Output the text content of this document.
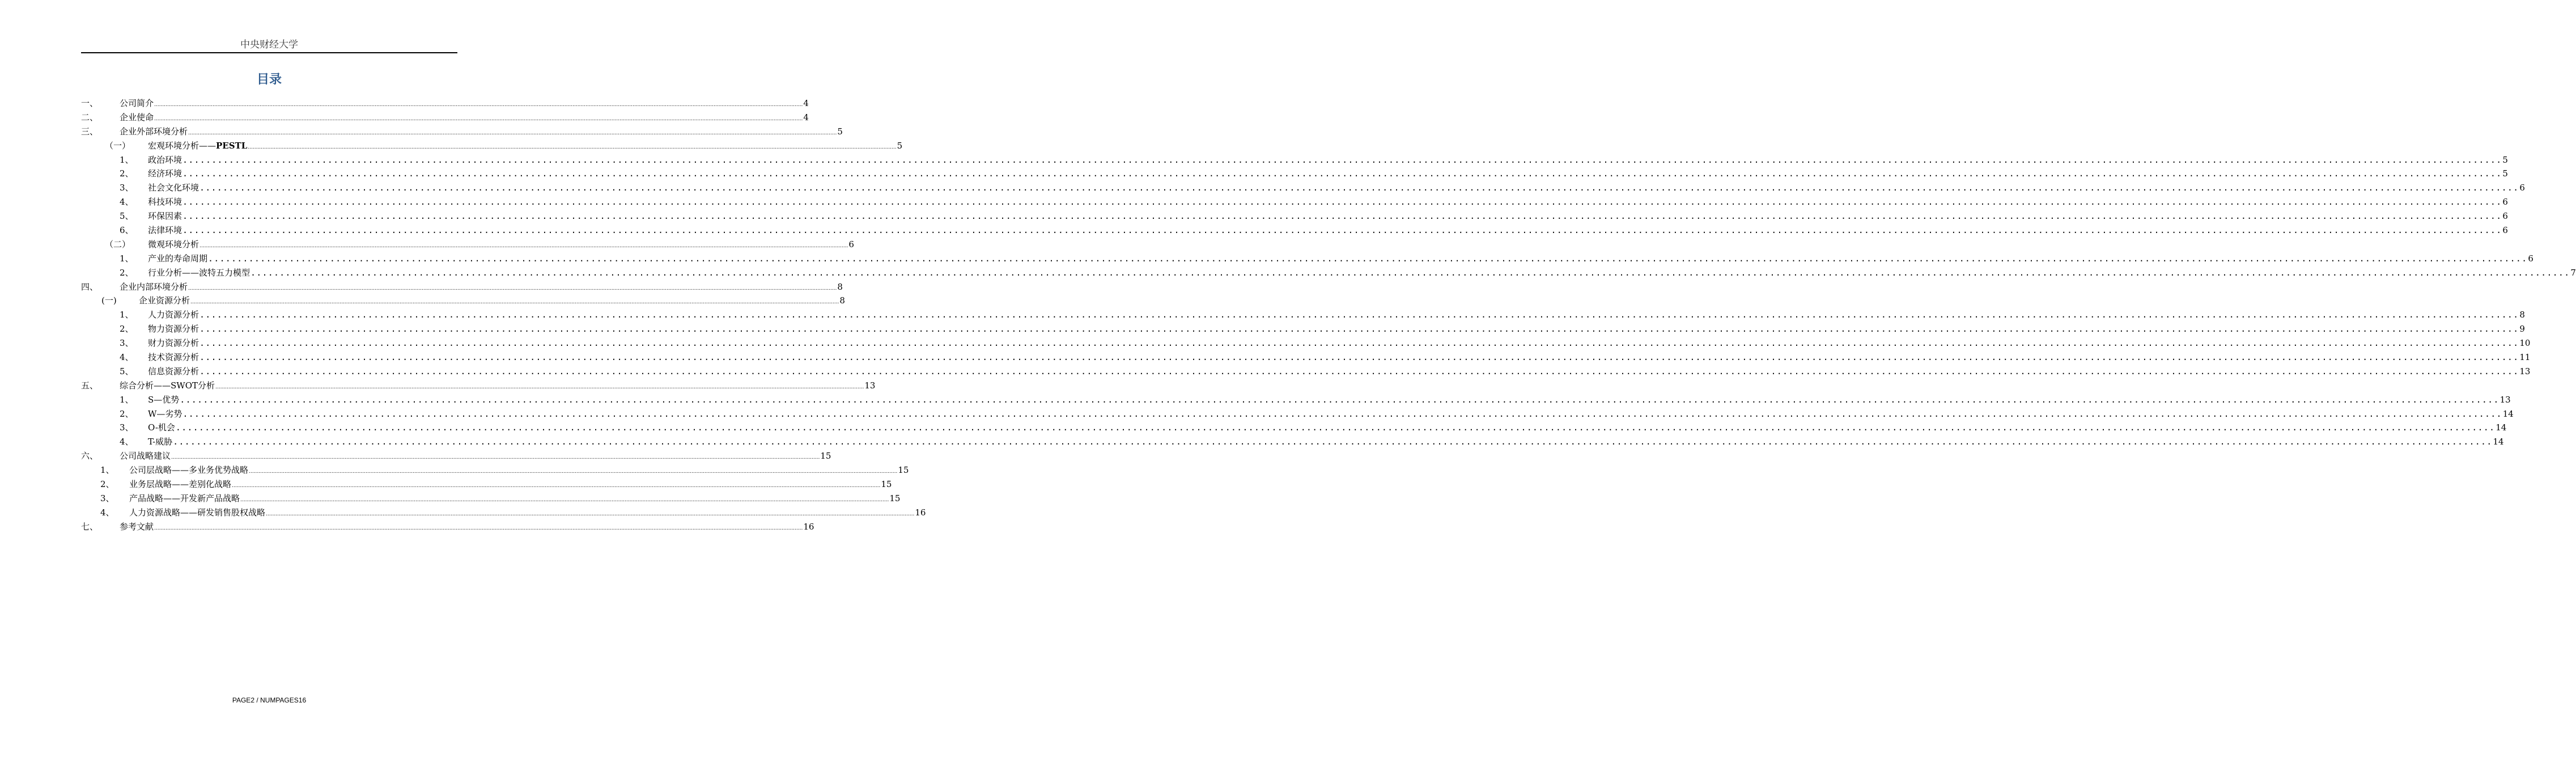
中央财经大学
目录
一、	公司简介 ................................................................................................................................................................................................................................................................................................................................................................................................................ 4
二、	企业使命 ................................................................................................................................................................................................................................................................................................................................................................................................................ 4
三、	企业外部环境分析 ................................................................................................................................................................................................................................................................................................................................................................................................................ 5
（一） 宏观环境分析——PESTL ................................................................................................................................................................................................................................................................................................................................................................................................................ 5
1、 政治环境 ................................................................................................................................................................................................................................................................................................................................................................................................................ 5
2、 经济环境 ................................................................................................................................................................................................................................................................................................................................................................................................................ 5
3、 社会文化环境 ................................................................................................................................................................................................................................................................................................................................................................................................................ 6
4、 科技环境 ................................................................................................................................................................................................................................................................................................................................................................................................................ 6
5、 环保因素 ................................................................................................................................................................................................................................................................................................................................................................................................................ 6
6、 法律环境 ................................................................................................................................................................................................................................................................................................................................................................................................................ 6
（二） 微观环境分析 ................................................................................................................................................................................................................................................................................................................................................................................................................ 6
1、 产业的寿命周期 ................................................................................................................................................................................................................................................................................................................................................................................................................ 6
2、 行业分析——波特五力模型 ................................................................................................................................................................................................................................................................................................................................................................................................................ 7
四、	企业内部环境分析 ................................................................................................................................................................................................................................................................................................................................................................................................................ 8
(一)	企业资源分析 ................................................................................................................................................................................................................................................................................................................................................................................................................ 8
1、 人力资源分析 ................................................................................................................................................................................................................................................................................................................................................................................................................ 8
2、 物力资源分析 ................................................................................................................................................................................................................................................................................................................................................................................................................ 9
3、 财力资源分析 ................................................................................................................................................................................................................................................................................................................................................................................................................ 10
4、 技术资源分析 ................................................................................................................................................................................................................................................................................................................................................................................................................ 11
5、 信息资源分析 ................................................................................................................................................................................................................................................................................................................................................................................................................ 13
五、	综合分析——SWOT分析 ................................................................................................................................................................................................................................................................................................................................................................................................................ 13
1、 S—优势 ................................................................................................................................................................................................................................................................................................................................................................................................................ 13
2、 W—劣势 ................................................................................................................................................................................................................................................................................................................................................................................................................ 14
3、 O-机会 ................................................................................................................................................................................................................................................................................................................................................................................................................ 14
4、 T-威胁 ................................................................................................................................................................................................................................................................................................................................................................................................................ 14
六、	公司战略建议 ................................................................................................................................................................................................................................................................................................................................................................................................................ 15
1、 公司层战略——多业务优势战略 ................................................................................................................................................................................................................................................................................................................................................................................................................ 15
2、 业务层战略——差别化战略 ................................................................................................................................................................................................................................................................................................................................................................................................................ 15
3、 产品战略——开发新产品战略 ................................................................................................................................................................................................................................................................................................................................................................................................................ 15
4、 人力资源战略——研发销售股权战略 ................................................................................................................................................................................................................................................................................................................................................................................................................ 16
七、	参考文献 ................................................................................................................................................................................................................................................................................................................................................................................................................ 16
PAGE2 / NUMPAGES16
